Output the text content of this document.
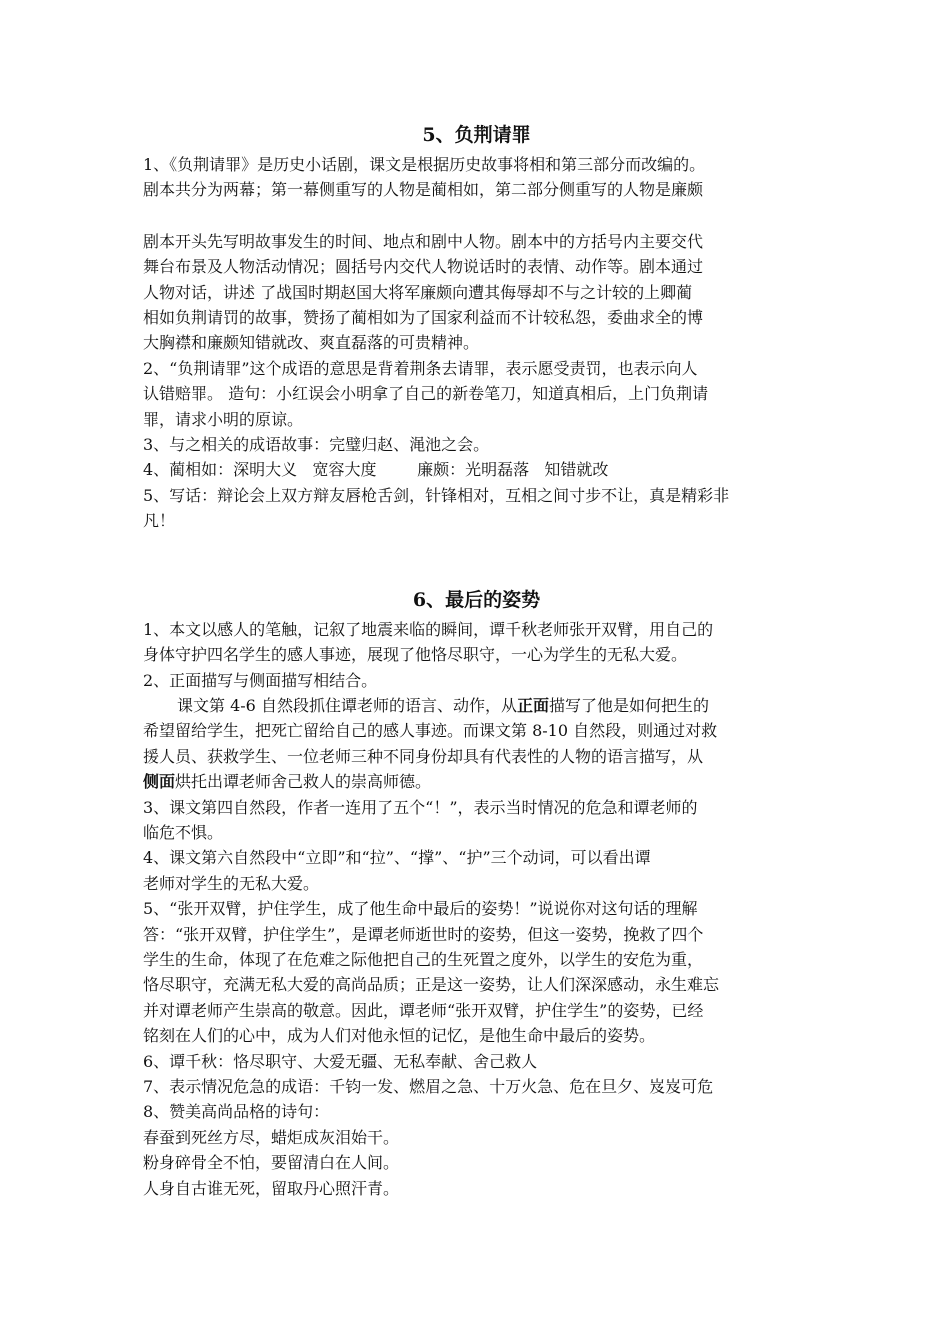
5、负荆请罪
1、《负荆请罪》是历史小话剧，课文是根据历史故事将相和第三部分而改编的。
剧本共分为两幕；第一幕侧重写的人物是蔺相如，第二部分侧重写的人物是廉颇
剧本开头先写明故事发生的时间、地点和剧中人物。剧本中的方括号内主要交代
舞台布景及人物活动情况；圆括号内交代人物说话时的表情、动作等。剧本通过
人物对话，讲述 了战国时期赵国大将军廉颇向遭其侮辱却不与之计较的上卿蔺
相如负荆请罚的故事，赞扬了蔺相如为了国家利益而不计较私怨，委曲求全的博
大胸襟和廉颇知错就改、爽直磊落的可贵精神。
2、“负荆请罪”这个成语的意思是背着荆条去请罪，表示愿受责罚，也表示向人
认错赔罪。 造句：小红误会小明拿了自己的新卷笔刀，知道真相后，上门负荆请
罪，请求小明的原谅。
3、与之相关的成语故事：完璧归赵、渑池之会。
4、蔺相如：深明大义   宽容大度        廉颇：光明磊落   知错就改
5、写话：辩论会上双方辩友唇枪舌剑，针锋相对，互相之间寸步不让，真是精彩非
凡！
6、最后的姿势
1、本文以感人的笔触，记叙了地震来临的瞬间，谭千秋老师张开双臂，用自己的
身体守护四名学生的感人事迹，展现了他恪尽职守，一心为学生的无私大爱。
2、正面描写与侧面描写相结合。
课文第 4-6 自然段抓住谭老师的语言、动作，从正面描写了他是如何把生的
希望留给学生，把死亡留给自己的感人事迹。而课文第 8-10 自然段，则通过对救
援人员、获救学生、一位老师三种不同身份却具有代表性的人物的语言描写，从
侧面烘托出谭老师舍己救人的崇高师德。
3、课文第四自然段，作者一连用了五个“！”，表示当时情况的危急和谭老师的
临危不惧。
4、课文第六自然段中“立即”和“拉”、“撑”、“护”三个动词，可以看出谭
老师对学生的无私大爱。
5、“张开双臂，护住学生，成了他生命中最后的姿势！”说说你对这句话的理解
答：“张开双臂，护住学生”，是谭老师逝世时的姿势，但这一姿势，挽救了四个
学生的生命，体现了在危难之际他把自己的生死置之度外，以学生的安危为重，
恪尽职守，充满无私大爱的高尚品质；正是这一姿势，让人们深深感动，永生难忘
并对谭老师产生崇高的敬意。因此，谭老师“张开双臂，护住学生”的姿势，已经
铭刻在人们的心中，成为人们对他永恒的记忆，是他生命中最后的姿势。
6、谭千秋：恪尽职守、大爱无疆、无私奉献、舍己救人
7、表示情况危急的成语：千钧一发、燃眉之急、十万火急、危在旦夕、岌岌可危
8、赞美高尚品格的诗句：
春蚕到死丝方尽，蜡炬成灰泪始干。
粉身碎骨全不怕，要留清白在人间。
人身自古谁无死，留取丹心照汗青。
